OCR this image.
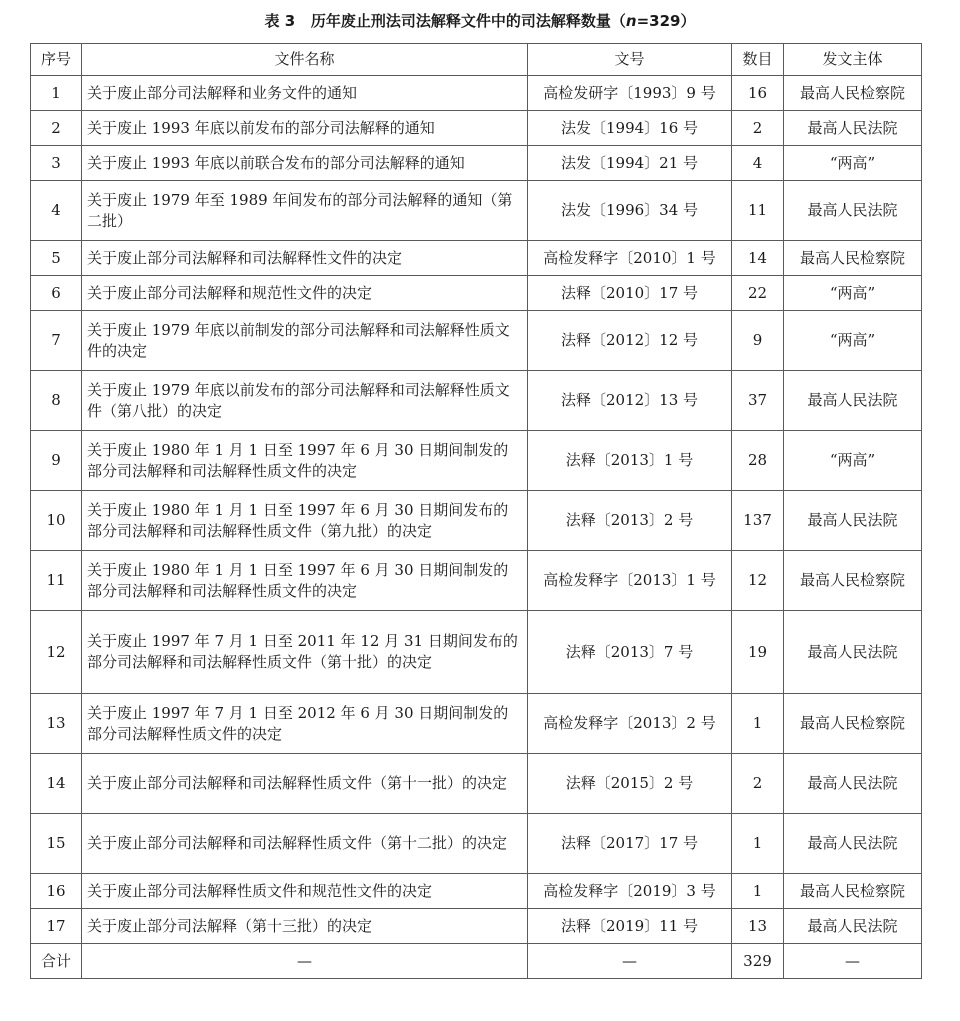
表 3 历年废止刑法司法解释文件中的司法解释数量（n=329）
序号	文件名称	文号	数目	发文主体
1	关于废止部分司法解释和业务文件的通知	高检发研字〔1993〕9 号	16	最高人民检察院
2	关于废止 1993 年底以前发布的部分司法解释的通知	法发〔1994〕16 号	2	最高人民法院
3	关于废止 1993 年底以前联合发布的部分司法解释的通知	法发〔1994〕21 号	4	“两高”
4	关于废止 1979 年至 1989 年间发布的部分司法解释的通知（第二批）	法发〔1996〕34 号	11	最高人民法院
5	关于废止部分司法解释和司法解释性文件的决定	高检发释字〔2010〕1 号	14	最高人民检察院
6	关于废止部分司法解释和规范性文件的决定	法释〔2010〕17 号	22	“两高”
7	关于废止 1979 年底以前制发的部分司法解释和司法解释性质文件的决定	法释〔2012〕12 号	9	“两高”
8	关于废止 1979 年底以前发布的部分司法解释和司法解释性质文件（第八批）的决定	法释〔2012〕13 号	37	最高人民法院
9	关于废止 1980 年 1 月 1 日至 1997 年 6 月 30 日期间制发的部分司法解释和司法解释性质文件的决定	法释〔2013〕1 号	28	“两高”
10	关于废止 1980 年 1 月 1 日至 1997 年 6 月 30 日期间发布的部分司法解释和司法解释性质文件（第九批）的决定	法释〔2013〕2 号	137	最高人民法院
11	关于废止 1980 年 1 月 1 日至 1997 年 6 月 30 日期间制发的部分司法解释和司法解释性质文件的决定	高检发释字〔2013〕1 号	12	最高人民检察院
12	关于废止 1997 年 7 月 1 日至 2011 年 12 月 31 日期间发布的部分司法解释和司法解释性质文件（第十批）的决定	法释〔2013〕7 号	19	最高人民法院
13	关于废止 1997 年 7 月 1 日至 2012 年 6 月 30 日期间制发的部分司法解释性质文件的决定	高检发释字〔2013〕2 号	1	最高人民检察院
14	关于废止部分司法解释和司法解释性质文件（第十一批）的决定	法释〔2015〕2 号	2	最高人民法院
15	关于废止部分司法解释和司法解释性质文件（第十二批）的决定	法释〔2017〕17 号	1	最高人民法院
16	关于废止部分司法解释性质文件和规范性文件的决定	高检发释字〔2019〕3 号	1	最高人民检察院
17	关于废止部分司法解释（第十三批）的决定	法释〔2019〕11 号	13	最高人民法院
合计	—	—	329	—
